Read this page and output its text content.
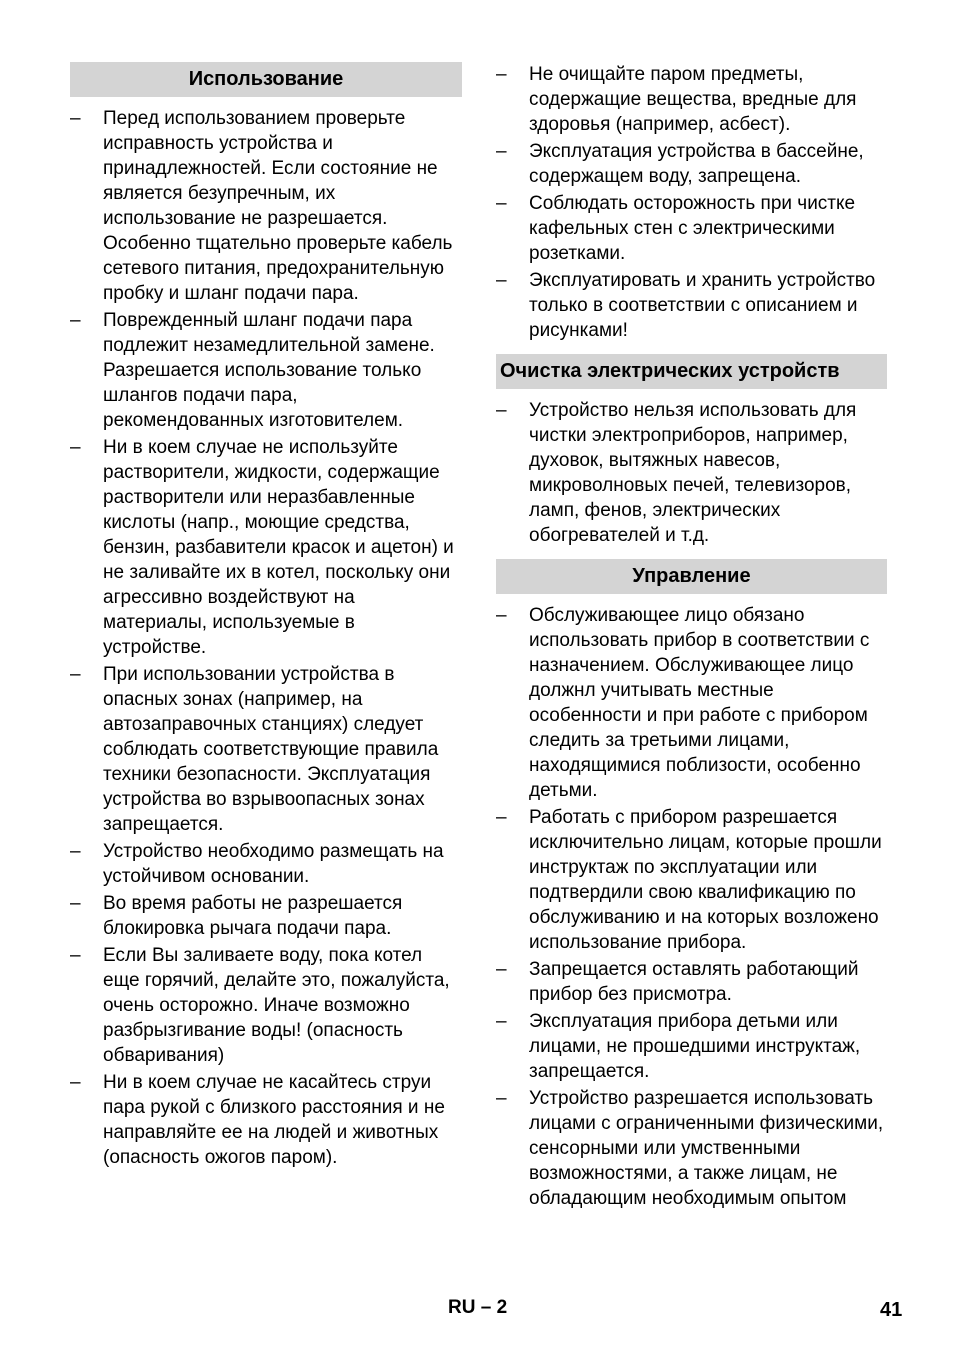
Использование
– Перед использованием проверьте исправность устройства и принадлежностей. Если состояние не является безупречным, их использование не разрешается. Особенно тщательно проверьте кабель сетевого питания, предохранительную пробку и шланг подачи пара.
– Поврежденный шланг подачи пара подлежит незамедлительной замене. Разрешается использование только шлангов подачи пара, рекомендованных изготовителем.
– Ни в коем случае не используйте растворители, жидкости, содержащие растворители или неразбавленные кислоты (напр., моющие средства, бензин, разбавители красок и ацетон) и не заливайте их в котел, поскольку они агрессивно воздействуют на материалы, используемые в устройстве.
– При использовании устройства в опасных зонах (например, на автозаправочных станциях) следует соблюдать соответствующие правила техники безопасности. Эксплуатация устройства во взрывоопасных зонах запрещается.
– Устройство необходимо размещать на устойчивом основании.
– Во время работы не разрешается блокировка рычага подачи пара.
– Если Вы заливаете воду, пока котел еще горячий, делайте это, пожалуйста, очень осторожно. Иначе возможно разбрызгивание воды! (опасность обваривания)
– Ни в коем случае не касайтесь струи пара рукой с близкого расстояния и не направляйте ее на людей и животных (опасность ожогов паром).
– Не очищайте паром предметы, содержащие вещества, вредные для здоровья (например, асбест).
– Эксплуатация устройства в бассейне, содержащем воду, запрещена.
– Соблюдать осторожность при чистке кафельных стен с электрическими розетками.
– Эксплуатировать и хранить устройство только в соответствии с описанием и рисунками!
Очистка электрических устройств
– Устройство нельзя использовать для чистки электроприборов, например, духовок, вытяжных навесов, микроволновых печей, телевизоров, ламп, фенов, электрических обогревателей и т.д.
Управление
– Обслуживающее лицо обязано использовать прибор в соответствии с назначением. Обслуживающее лицо должнл учитывать местные особенности и при работе с прибором следить за третьими лицами, находящимися поблизости, особенно детьми.
– Работать с прибором разрешается исключительно лицам, которые прошли инструктаж по эксплуатации или подтвердили свою квалификацию по обслуживанию и на которых возложено использование прибора.
– Запрещается оставлять работающий прибор без присмотра.
– Эксплуатация прибора детьми или лицами, не прошедшими инструктаж, запрещается.
– Устройство разрешается использовать лицами с ограниченными физическими, сенсорными или умственными возможностями, а также лицам, не обладающим необходимым опытом
RU – 2	41
